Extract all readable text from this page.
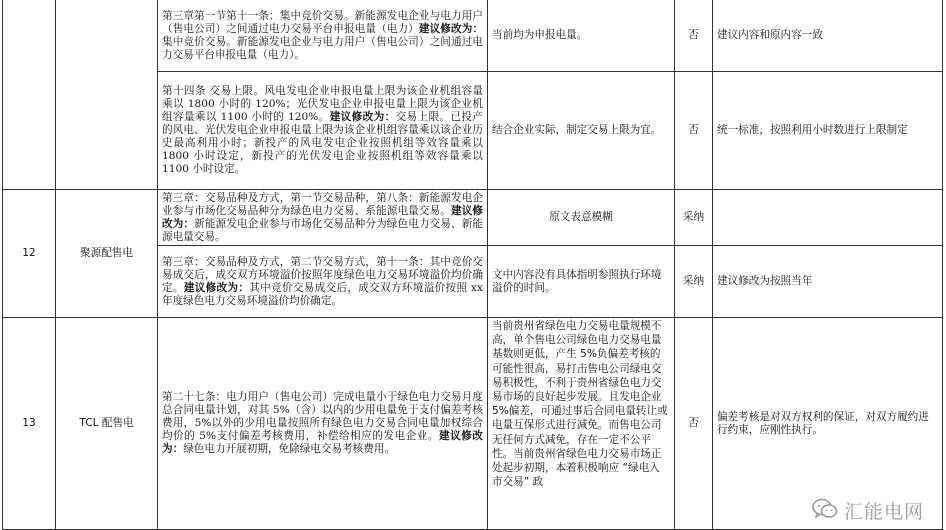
		第三章第一节第十一条：集中竞价交易。新能源发电企业与电力用户（售电公司）之间通过电力交易平台申报电量（电力）建议修改为：集中竞价交易。新能源发电企业与电力用户（售电公司）之间通过电力交易平台申报电量（电力）。	当前均为申报电量。	否	建议内容和原内容一致
		第十四条 交易上限。风电发电企业申报电量上限为该企业机组容量乘以 1800 小时的 120%；光伏发电企业申报电量上限为该企业机组容量乘以 1100 小时的 120%。建议修改为：交易上限。已投产的风电、光伏发电企业申报电量上限为该企业机组容量乘以该企业历史最高利用小时；新投产的风电发电企业按照机组等效容量乘以 1800 小时设定，新投产的光伏发电企业按照机组等效容量乘以 1100 小时设定。	结合企业实际，制定交易上限为宜。	否	统一标准，按照利用小时数进行上限制定
12	聚源配售电	第三章：交易品种及方式，第一节交易品种，第八条：新能源发电企业参与市场化交易品种分为绿色电力交易、系能源电量交易。建议修改为：新能源发电企业参与市场化交易品种分为绿色电力交易、新能源电量交易。	原文表意模糊	采纳	
		第三章：交易品种及方式，第二节交易方式，第十一条：其中竞价交易成交后，成交双方环境溢价按照年度绿色电力交易环境溢价均价确定。建议修改为：其中竞价交易成交后，成交双方环境溢价按照 xx 年度绿色电力交易环境溢价均价确定。	文中内容没有具体指明参照执行环境溢价的时间。	采纳	建议修改为按照当年
13	TCL 配售电	第二十七条：电力用户（售电公司）完成电量小于绿色电力交易月度总合同电量计划，对其 5%（含）以内的少用电量免于支付偏差考核费用，5%以外的少用电量按照所有绿色电力交易合同电量加权综合均价的 5%支付偏差考核费用，补偿给相应的发电企业。建议修改为：绿色电力开展初期，免除绿电交易考核费用。	当前贵州省绿色电力交易电量规模不高，单个售电公司绿色电力交易电量基数则更低，产生 5%负偏差考核的可能性很高，易打击售电公司绿电交易积极性，不利于贵州省绿色电力交易市场的良好起步发展。且发电企业 5%偏差，可通过事后合同电量转让或电量互保形式进行减免。而售电公司无任何方式减免，存在一定不公平性。当前贵州省绿色电力交易市场正处起步初期，本着积极响应 “绿电入市交易” 政	否	偏差考核是对双方权利的保证，对双方履约进行约束，应刚性执行。
汇能电网
